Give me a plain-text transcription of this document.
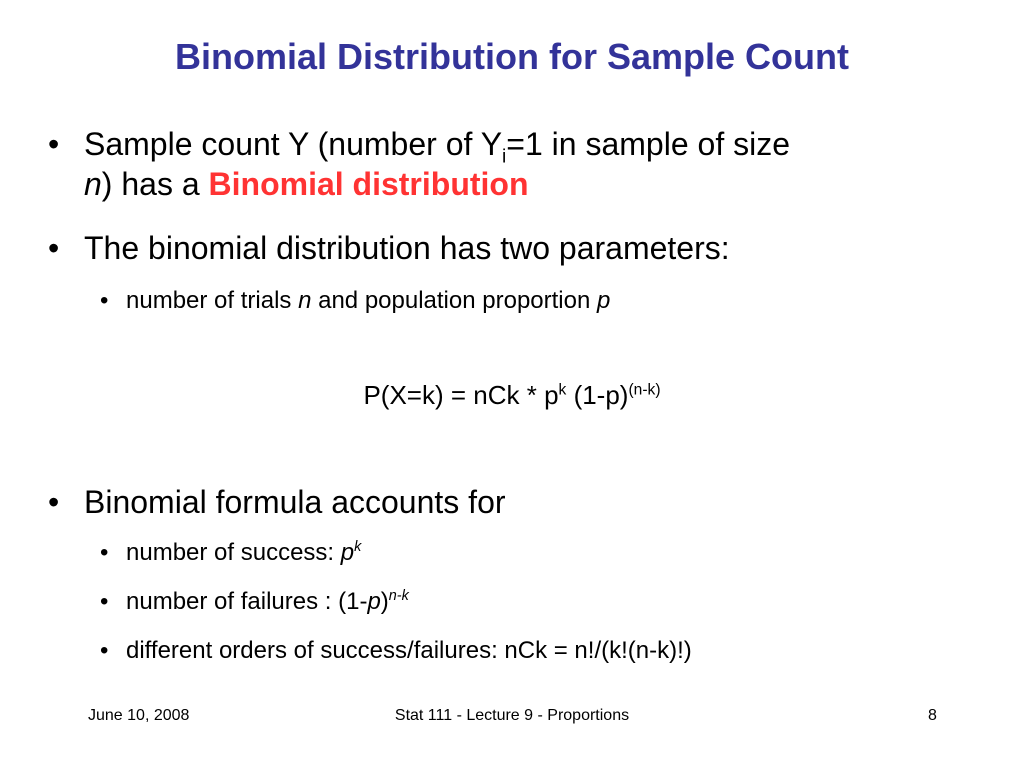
Binomial Distribution for Sample Count
• Sample count Y (number of $Y_i=1$ in sample of size
n) has a Binomial distribution
• The binomial distribution has two parameters:
• number of trials n and population proportion p
P(X=k) = nCk * $p^k$ $(1-p)^{(n-k)}$
• Binomial formula accounts for
• number of success: $p^k$
• number of failures : $(1-p)^{n-k}$
• different orders of success/failures: nCk = n!/(k!(n-k)!)
June 10, 2008	Stat 111 - Lecture 9 - Proportions	8
